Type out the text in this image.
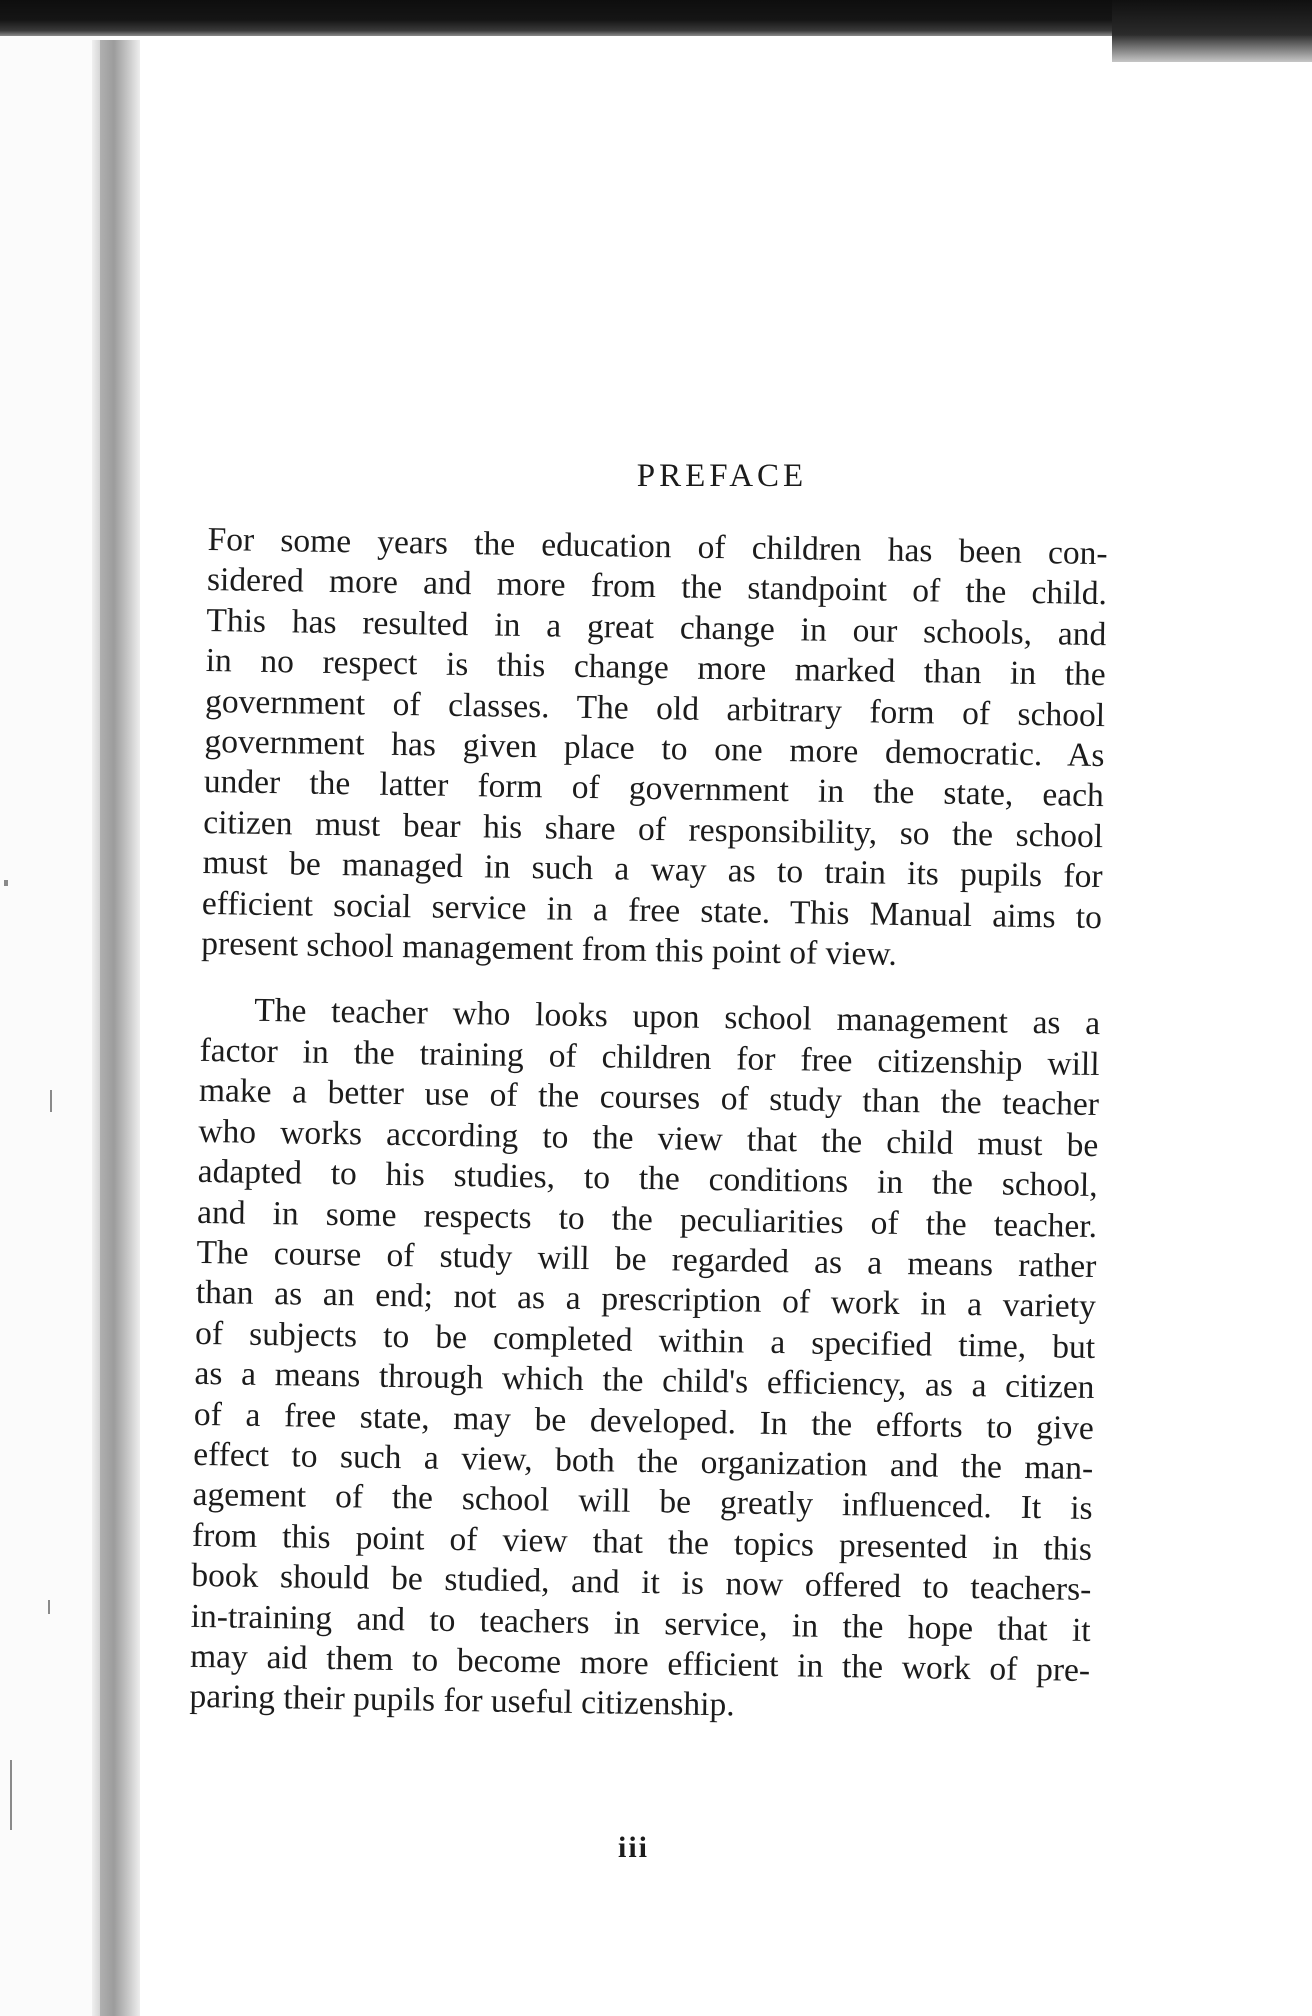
PREFACE
For some years the education of children has been con-
sidered more and more from the standpoint of the child.
This has resulted in a great change in our schools, and
in no respect is this change more marked than in the
government of classes. The old arbitrary form of school
government has given place to one more democratic. As
under the latter form of government in the state, each
citizen must bear his share of responsibility, so the school
must be managed in such a way as to train its pupils for
efficient social service in a free state. This Manual aims to
present school management from this point of view.
The teacher who looks upon school management as a
factor in the training of children for free citizenship will
make a better use of the courses of study than the teacher
who works according to the view that the child must be
adapted to his studies, to the conditions in the school,
and in some respects to the peculiarities of the teacher.
The course of study will be regarded as a means rather
than as an end; not as a prescription of work in a variety
of subjects to be completed within a specified time, but
as a means through which the child's efficiency, as a citizen
of a free state, may be developed. In the efforts to give
effect to such a view, both the organization and the man-
agement of the school will be greatly influenced. It is
from this point of view that the topics presented in this
book should be studied, and it is now offered to teachers-
in-training and to teachers in service, in the hope that it
may aid them to become more efficient in the work of pre-
paring their pupils for useful citizenship.
iii
